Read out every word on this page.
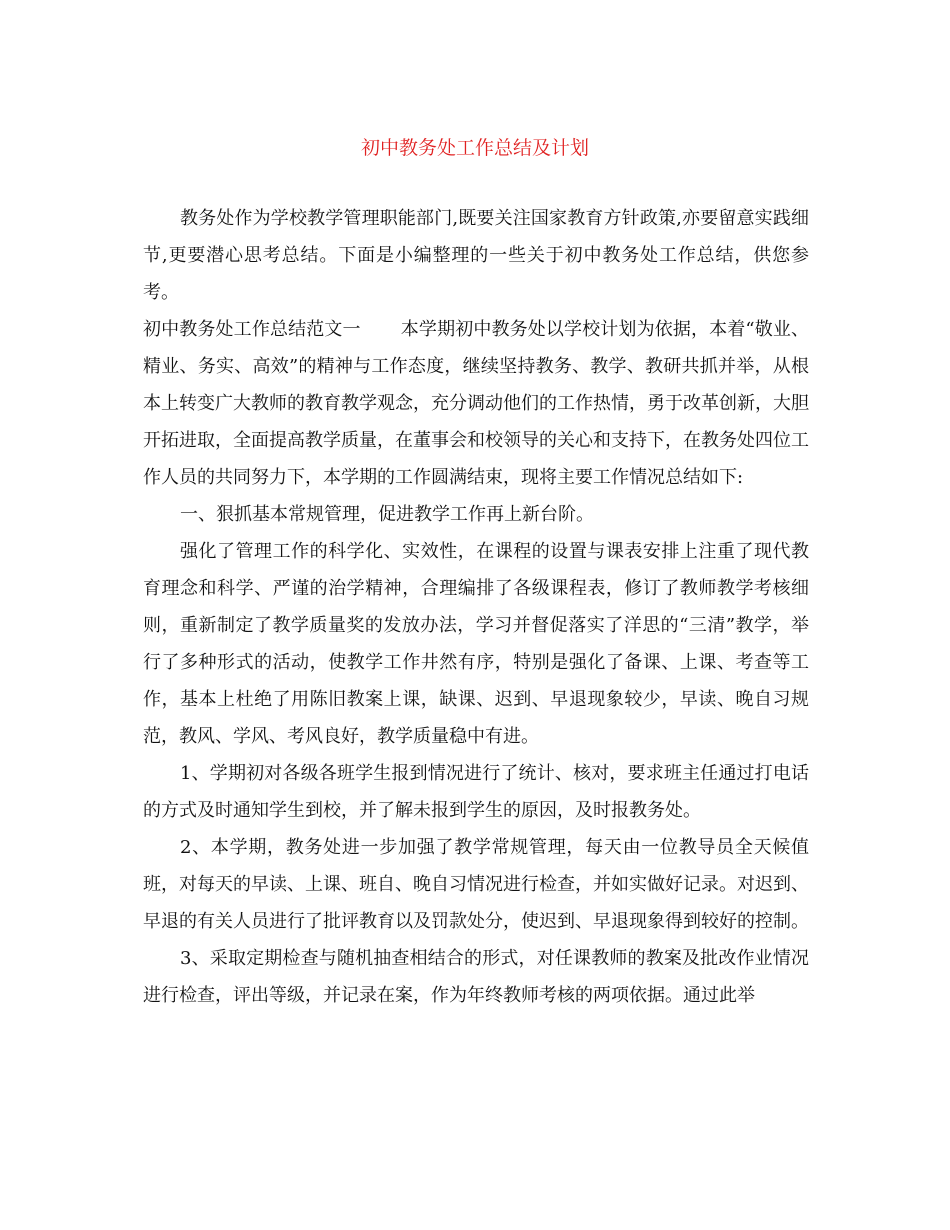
初中教务处工作总结及计划

教务处作为学校教学管理职能部门,既要关注国家教育方针政策,亦要留意实践细节,更要潜心思考总结。下面是小编整理的一些关于初中教务处工作总结，供您参考。

初中教务处工作总结范文一 本学期初中教务处以学校计划为依据，本着“敬业、精业、务实、高效”的精神与工作态度，继续坚持教务、教学、教研共抓并举，从根本上转变广大教师的教育教学观念，充分调动他们的工作热情，勇于改革创新，大胆开拓进取，全面提高教学质量，在董事会和校领导的关心和支持下，在教务处四位工作人员的共同努力下，本学期的工作圆满结束，现将主要工作情况总结如下:

一、狠抓基本常规管理，促进教学工作再上新台阶。

强化了管理工作的科学化、实效性，在课程的设置与课表安排上注重了现代教育理念和科学、严谨的治学精神，合理编排了各级课程表，修订了教师教学考核细则，重新制定了教学质量奖的发放办法，学习并督促落实了洋思的“三清”教学，举行了多种形式的活动，使教学工作井然有序，特别是强化了备课、上课、考查等工作，基本上杜绝了用陈旧教案上课，缺课、迟到、早退现象较少，早读、晚自习规范，教风、学风、考风良好，教学质量稳中有进。

1、学期初对各级各班学生报到情况进行了统计、核对，要求班主任通过打电话的方式及时通知学生到校，并了解未报到学生的原因，及时报教务处。

2、本学期，教务处进一步加强了教学常规管理，每天由一位教导员全天候值班，对每天的早读、上课、班自、晚自习情况进行检查，并如实做好记录。对迟到、早退的有关人员进行了批评教育以及罚款处分，使迟到、早退现象得到较好的控制。

3、采取定期检查与随机抽查相结合的形式，对任课教师的教案及批改作业情况进行检查，评出等级，并记录在案，作为年终教师考核的两项依据。通过此举
